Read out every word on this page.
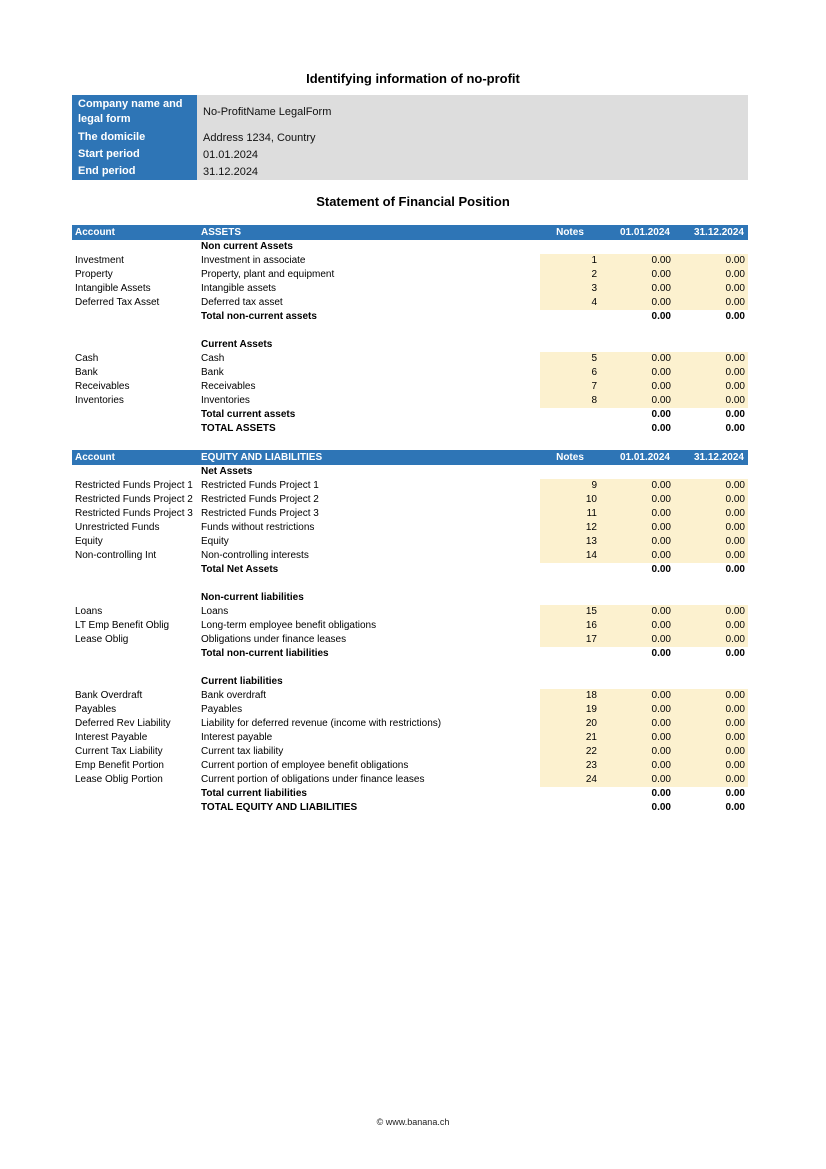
Identifying information of no-profit
Company name and legal form	No-ProfitName LegalForm
The domicile	Address 1234, Country
Start period	01.01.2024
End period	31.12.2024
Statement of Financial Position
Account	ASSETS	Notes	01.01.2024	31.12.2024
	Non current Assets			
Investment	Investment in associate	1	0.00	0.00
Property	Property, plant and equipment	2	0.00	0.00
Intangible Assets	Intangible assets	3	0.00	0.00
Deferred Tax Asset	Deferred tax asset	4	0.00	0.00
	Total non-current assets		0.00	0.00

	Current Assets			
Cash	Cash	5	0.00	0.00
Bank	Bank	6	0.00	0.00
Receivables	Receivables	7	0.00	0.00
Inventories	Inventories	8	0.00	0.00
	Total current assets		0.00	0.00
	TOTAL ASSETS		0.00	0.00
Account	EQUITY AND LIABILITIES	Notes	01.01.2024	31.12.2024
	Net Assets			
Restricted Funds Project 1	Restricted Funds Project 1	9	0.00	0.00
Restricted Funds Project 2	Restricted Funds Project 2	10	0.00	0.00
Restricted Funds Project 3	Restricted Funds Project 3	11	0.00	0.00
Unrestricted Funds	Funds without restrictions	12	0.00	0.00
Equity	Equity	13	0.00	0.00
Non-controlling Int	Non-controlling interests	14	0.00	0.00
	Total Net Assets		0.00	0.00

	Non-current liabilities			
Loans	Loans	15	0.00	0.00
LT Emp Benefit Oblig	Long-term employee benefit obligations	16	0.00	0.00
Lease Oblig	Obligations under finance leases	17	0.00	0.00
	Total non-current liabilities		0.00	0.00

	Current liabilities			
Bank Overdraft	Bank overdraft	18	0.00	0.00
Payables	Payables	19	0.00	0.00
Deferred Rev Liability	Liability for deferred revenue (income with restrictions)	20	0.00	0.00
Interest Payable	Interest payable	21	0.00	0.00
Current Tax Liability	Current tax liability	22	0.00	0.00
Emp Benefit Portion	Current portion of employee benefit obligations	23	0.00	0.00
Lease Oblig Portion	Current portion of obligations under finance leases	24	0.00	0.00
	Total current liabilities		0.00	0.00
	TOTAL EQUITY AND LIABILITIES		0.00	0.00
© www.banana.ch
